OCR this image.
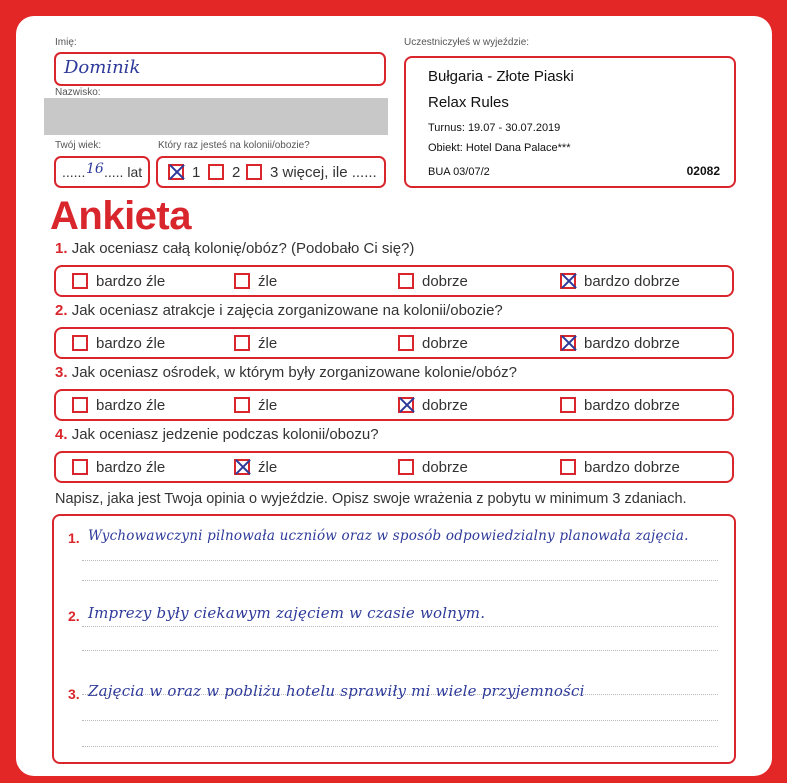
Imię:
Dominik
Nazwisko:
Twój wiek:
...... 16 ..... lat
Który raz jesteś na kolonii/obozie?
1 2 3 więcej, ile ......
Uczestniczyłeś w wyjeździe:
Bułgaria - Złote Piaski
Relax Rules
Turnus: 19.07 - 30.07.2019
Obiekt: Hotel Dana Palace***
BUA 03/07/2	02082
Ankieta
1. Jak oceniasz całą kolonię/obóz? (Podobało Ci się?)
bardzo źle	źle	dobrze	bardzo dobrze
2. Jak oceniasz atrakcje i zajęcia zorganizowane na kolonii/obozie?
bardzo źle	źle	dobrze	bardzo dobrze
3. Jak oceniasz ośrodek, w którym były zorganizowane kolonie/obóz?
bardzo źle	źle	dobrze	bardzo dobrze
4. Jak oceniasz jedzenie podczas kolonii/obozu?
bardzo źle	źle	dobrze	bardzo dobrze
Napisz, jaka jest Twoja opinia o wyjeździe. Opisz swoje wrażenia z pobytu w minimum 3 zdaniach.
1. Wychowawczyni pilnowała uczniów oraz w sposób odpowiedzialny planowała zajęcia.
2. Imprezy były ciekawym zajęciem w czasie wolnym.
3. Zajęcia w oraz w pobliżu hotelu sprawiły mi wiele przyjemności
